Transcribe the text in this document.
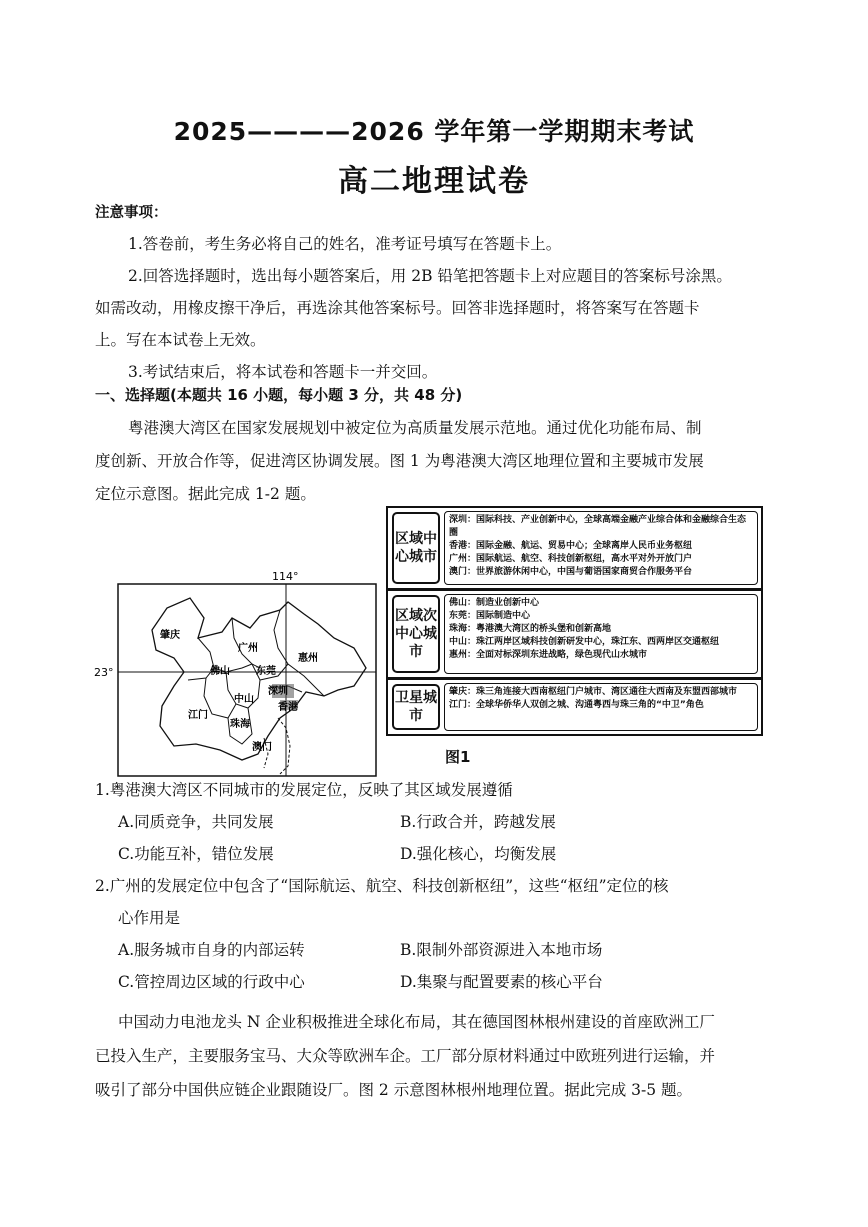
2025————2026 学年第一学期期末考试
高二地理试卷
注意事项：
1.答卷前，考生务必将自己的姓名，准考证号填写在答题卡上。
2.回答选择题时，选出每小题答案后，用 2B 铅笔把答题卡上对应题目的答案标号涂黑。
如需改动，用橡皮擦干净后，再选涂其他答案标号。回答非选择题时，将答案写在答题卡
上。写在本试卷上无效。
3.考试结束后，将本试卷和答题卡一并交回。
一、选择题(本题共 16 小题，每小题 3 分，共 48 分)
粤港澳大湾区在国家发展规划中被定位为高质量发展示范地。通过优化功能布局、制
度创新、开放合作等，促进湾区协调发展。图 1 为粤港澳大湾区地理位置和主要城市发展
定位示意图。据此完成 1-2 题。
肇庆
广州
惠州
佛山	东莞
中山
深圳
江门
珠海
香港
澳门
114°
23°
区域中心城市
深圳：国际科技、产业创新中心，全球高端金融产业综合体和金融综合生态圈
香港：国际金融、航运、贸易中心；全球离岸人民币业务枢纽
广州：国际航运、航空、科技创新枢纽，高水平对外开放门户
澳门：世界旅游休闲中心，中国与葡语国家商贸合作服务平台
区域次中心城市
佛山：制造业创新中心
东莞：国际制造中心
珠海：粤港澳大湾区的桥头堡和创新高地
中山：珠江两岸区域科技创新研发中心，珠江东、西两岸区交通枢纽
惠州：全面对标深圳东进战略，绿色现代山水城市
卫星城市
肇庆：珠三角连接大西南枢纽门户城市、湾区通往大西南及东盟西部城市
江门：全球华侨华人双创之城、沟通粤西与珠三角的“中卫”角色
图1
1.粤港澳大湾区不同城市的发展定位，反映了其区域发展遵循
A.同质竞争，共同发展	B.行政合并，跨越发展
C.功能互补，错位发展	D.强化核心，均衡发展
2.广州的发展定位中包含了“国际航运、航空、科技创新枢纽”，这些“枢纽”定位的核
心作用是
A.服务城市自身的内部运转	B.限制外部资源进入本地市场
C.管控周边区域的行政中心	D.集聚与配置要素的核心平台
中国动力电池龙头 N 企业积极推进全球化布局，其在德国图林根州建设的首座欧洲工厂
已投入生产，主要服务宝马、大众等欧洲车企。工厂部分原材料通过中欧班列进行运输，并
吸引了部分中国供应链企业跟随设厂。图 2 示意图林根州地理位置。据此完成 3-5 题。
